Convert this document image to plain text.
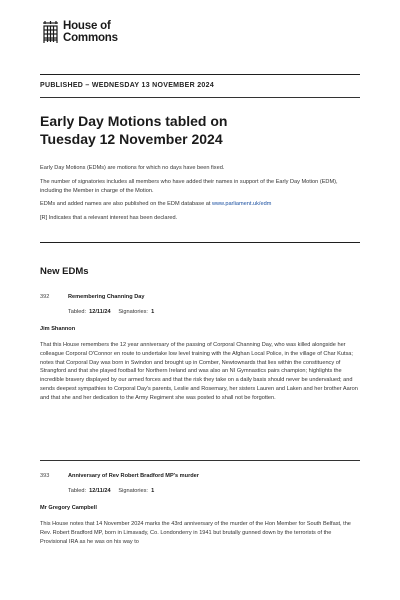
House of
Commons
PUBLISHED – WEDNESDAY 13 NOVEMBER 2024
Early Day Motions tabled on
Tuesday 12 November 2024

Early Day Motions (EDMs) are motions for which no days have been fixed.

The number of signatories includes all members who have added their names in support of the Early Day Motion (EDM), including the Member in charge of the Motion.

EDMs and added names are also published on the EDM database at www.parliament.uk/edm

[R] Indicates that a relevant interest has been declared.

New EDMs
392	Remembering Channing Day
Tabled: 12/11/24 Signatories: 1
Jim Shannon
That this House remembers the 12 year anniversary of the passing of Corporal Channing Day, who was killed alongside her colleague Corporal O'Connor en route to undertake low level training with the Afghan Local Police, in the village of Char Kutsa; notes that Corporal Day was born in Swindon and brought up in Comber, Newtownards that lies within the constituency of Strangford and that she played football for Northern Ireland and was also an NI Gymnastics pairs champion; highlights the incredible bravery displayed by our armed forces and that the risk they take on a daily basis should never be undervalued; and sends deepest sympathies to Corporal Day's parents, Leslie and Rosemary, her sisters Lauren and Laken and her brother Aaron and that she and her dedication to the Army Regiment she was posted to shall not be forgotten.
393	Anniversary of Rev Robert Bradford MP's murder
Tabled: 12/11/24 Signatories: 1
Mr Gregory Campbell
This House notes that 14 November 2024 marks the 43rd anniversary of the murder of the Hon Member for South Belfast, the Rev. Robert Bradford MP, born in Limavady, Co. Londonderry in 1941 but brutally gunned down by the terrorists of the Provisional IRA as he was on his way to
